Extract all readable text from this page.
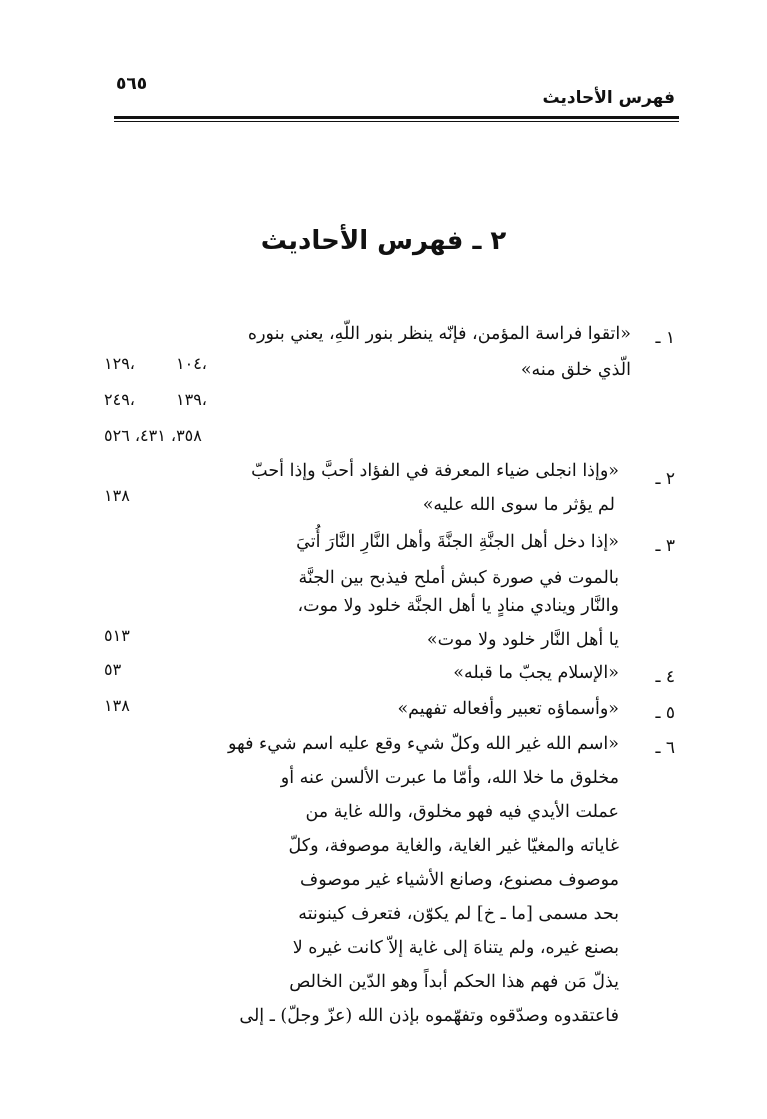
فهرس الأحاديث
٥٦٥
٢ ـ فهرس الأحاديث
١ ـ
«اتقوا فراسة المؤمن، فإنّه ينظر بنور اللّهِ، يعني بنوره
الّذي خلق منه»
١٠٤،
١٢٩،
١٣٩،
٢٤٩،
٣٥٨، ٤٣١، ٥٢٦
٢ ـ
«وإذا انجلى ضياء المعرفة في الفؤاد أحبَّ وإذا أحبّ
لم يؤثر ما سوى الله عليه»
١٣٨
٣ ـ
«إذا دخل أهل الجنَّةِ الجنَّةَ وأهل النَّارِ النَّارَ أُتيَ
بالموت في صورة كبش أملح فيذبح بين الجنَّة
والنَّار وينادي منادٍ يا أهل الجنَّة خلود ولا موت،
يا أهل النَّار خلود ولا موت»
٥١٣
٤ ـ
«الإسلام يجبّ ما قبله»
٥٣
٥ ـ
«وأسماؤه تعبير وأفعاله تفهيم»
١٣٨
٦ ـ
«اسم الله غير الله وكلّ شيء وقع عليه اسم شيء فهو
مخلوق ما خلا الله، وأمّا ما عبرت الألسن عنه أو
عملت الأيدي فيه فهو مخلوق، والله غاية من
غاياته والمغيّا غير الغاية، والغاية موصوفة، وكلّ
موصوف مصنوع، وصانع الأشياء غير موصوف
بحد مسمى [ما ـ خ] لم يكوّن، فتعرف كينونته
بصنع غيره، ولم يتناهَ إلى غاية إلاّ كانت غيره لا
يذلّ مَن فهم هذا الحكم أبداً وهو الدّين الخالص
فاعتقدوه وصدّقوه وتفهّموه بإذن الله (عزّ وجلّ) ـ إلى
